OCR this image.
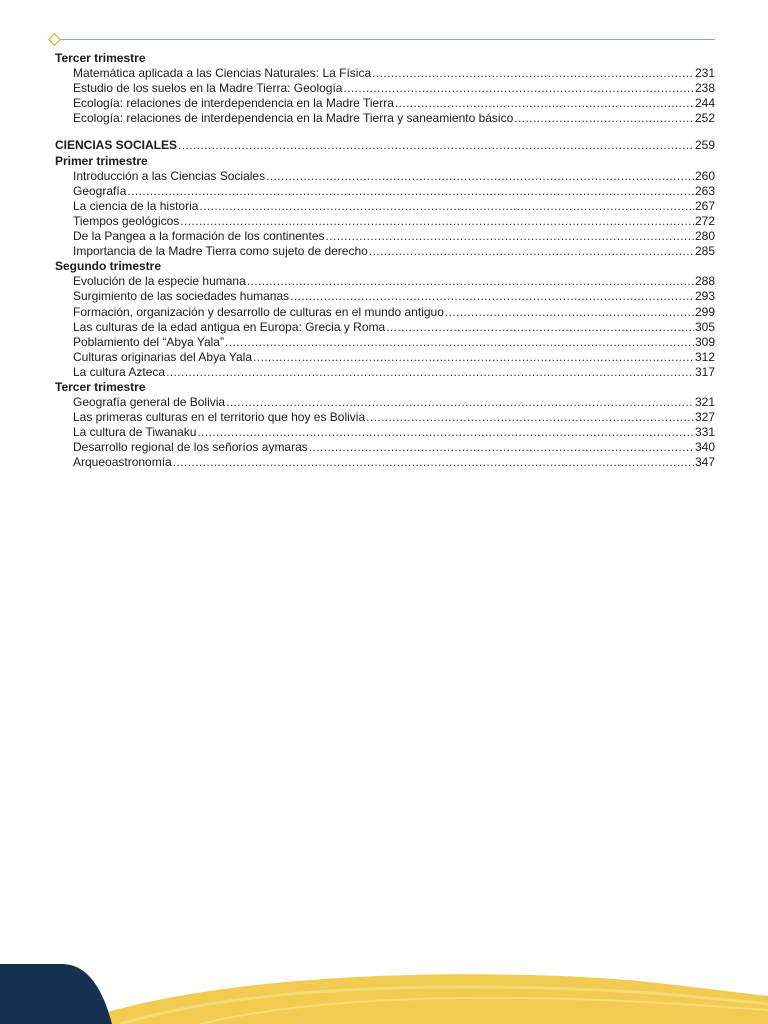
Tercer trimestre
Matemática aplicada a las Ciencias Naturales: La Física .....	231
Estudio de los suelos en la Madre Tierra: Geología .....	238
Ecología: relaciones de interdependencia en la Madre Tierra .....	244
Ecología: relaciones de interdependencia en la Madre Tierra y saneamiento básico .....	252
CIENCIAS SOCIALES .....	259
Primer trimestre
Introducción a las Ciencias Sociales .....	260
Geografía .....	263
La ciencia de la historia .....	267
Tiempos geológicos .....	272
De la Pangea a la formación de los continentes .....	280
Importancia de la Madre Tierra como sujeto de derecho .....	285
Segundo trimestre
Evolución de la especie humana .....	288
Surgimiento de las sociedades humanas .....	293
Formación, organización y desarrollo de culturas en el mundo antiguo .....	299
Las culturas de la edad antigua en Europa: Grecia y Roma .....	305
Poblamiento del “Abya Yala” .....	309
Culturas originarias del Abya Yala .....	312
La cultura Azteca .....	317
Tercer trimestre
Geografía general de Bolivia .....	321
Las primeras culturas en el territorio que hoy es Bolivia .....	327
La cultura de Tiwanaku .....	331
Desarrollo regional de los señoríos aymaras .....	340
Arqueoastronomía .....	347
